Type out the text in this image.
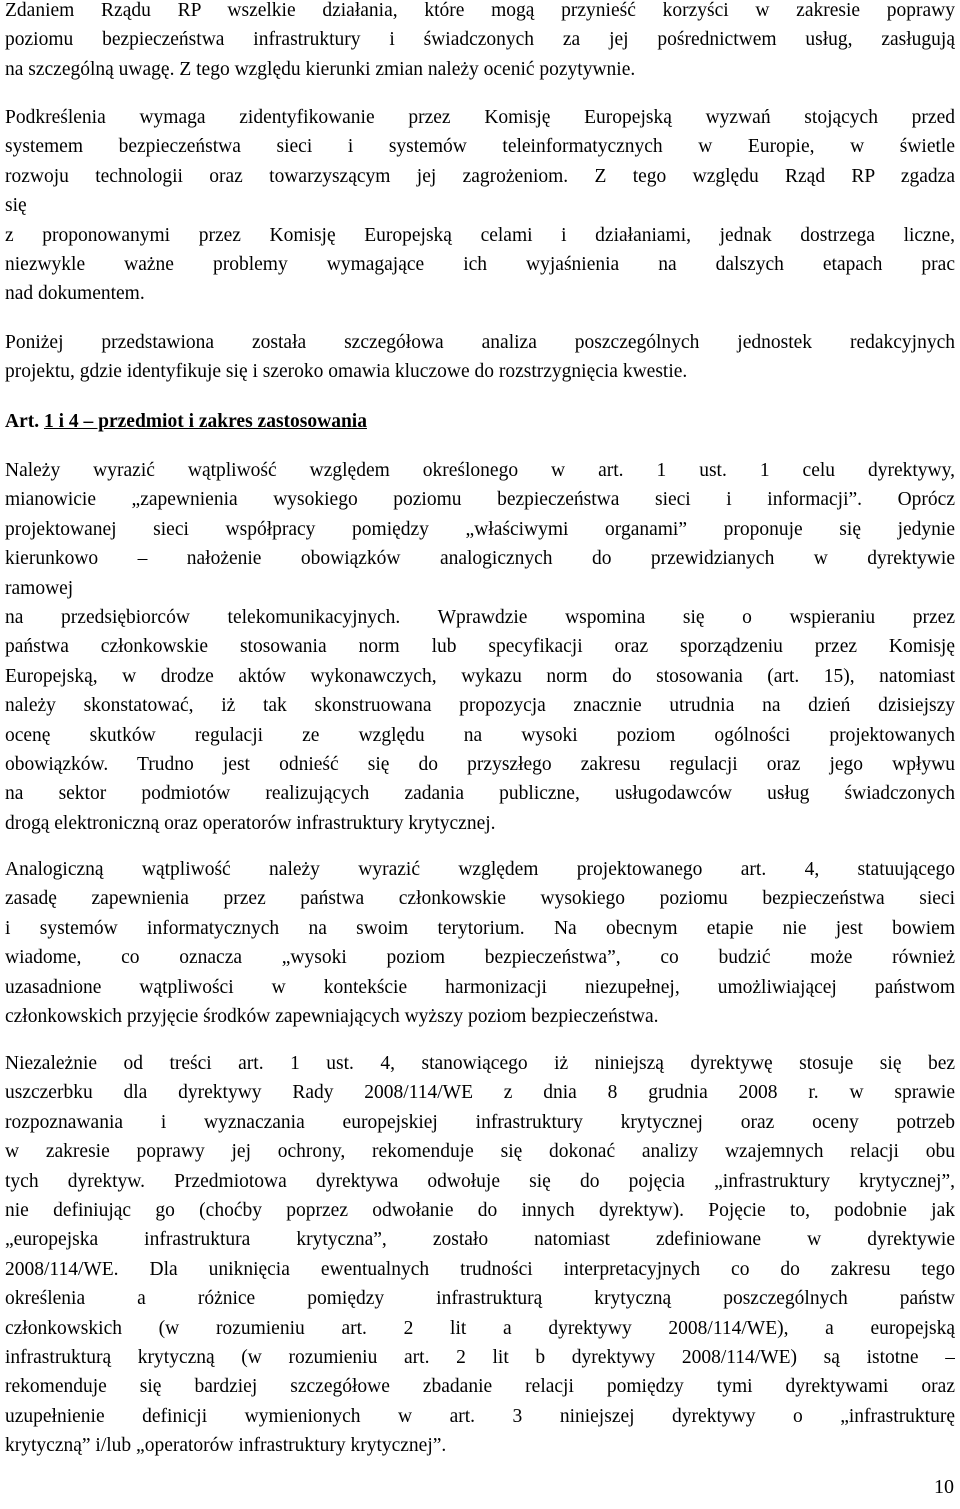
Zdaniem Rządu RP wszelkie działania, które mogą przynieść korzyści w zakresie poprawy
poziomu bezpieczeństwa infrastruktury i świadczonych za jej pośrednictwem usług, zasługują
na szczególną uwagę. Z tego względu kierunki zmian należy ocenić pozytywnie.
Podkreślenia wymaga zidentyfikowanie przez Komisję Europejską wyzwań stojących przed
systemem bezpieczeństwa sieci i systemów teleinformatycznych w Europie, w świetle
rozwoju technologii oraz towarzyszącym jej zagrożeniom. Z tego względu Rząd RP zgadza
się
z proponowanymi przez Komisję Europejską celami i działaniami, jednak dostrzega liczne,
niezwykle ważne problemy wymagające ich wyjaśnienia na dalszych etapach prac
nad dokumentem.
Poniżej przedstawiona została szczegółowa analiza poszczególnych jednostek redakcyjnych
projektu, gdzie identyfikuje się i szeroko omawia kluczowe do rozstrzygnięcia kwestie.
Art. 1 i 4 – przedmiot i zakres zastosowania
Należy wyrazić wątpliwość względem określonego w art. 1 ust. 1 celu dyrektywy,
mianowicie „zapewnienia wysokiego poziomu bezpieczeństwa sieci i informacji”. Oprócz
projektowanej sieci współpracy pomiędzy „właściwymi organami” proponuje się jedynie
kierunkowo – nałożenie obowiązków analogicznych do przewidzianych w dyrektywie
ramowej
na przedsiębiorców telekomunikacyjnych. Wprawdzie wspomina się o wspieraniu przez
państwa członkowskie stosowania norm lub specyfikacji oraz sporządzeniu przez Komisję
Europejską, w drodze aktów wykonawczych, wykazu norm do stosowania (art. 15), natomiast
należy skonstatować, iż tak skonstruowana propozycja znacznie utrudnia na dzień dzisiejszy
ocenę skutków regulacji ze względu na wysoki poziom ogólności projektowanych
obowiązków. Trudno jest odnieść się do przyszłego zakresu regulacji oraz jego wpływu
na sektor podmiotów realizujących zadania publiczne, usługodawców usług świadczonych
drogą elektroniczną oraz operatorów infrastruktury krytycznej.
Analogiczną wątpliwość należy wyrazić względem projektowanego art. 4, statuującego
zasadę zapewnienia przez państwa członkowskie wysokiego poziomu bezpieczeństwa sieci
i systemów informatycznych na swoim terytorium. Na obecnym etapie nie jest bowiem
wiadome, co oznacza „wysoki poziom bezpieczeństwa”, co budzić może również
uzasadnione wątpliwości w kontekście harmonizacji niezupełnej, umożliwiającej państwom
członkowskich przyjęcie środków zapewniających wyższy poziom bezpieczeństwa.
Niezależnie od treści art. 1 ust. 4, stanowiącego iż niniejszą dyrektywę stosuje się bez
uszczerbku dla dyrektywy Rady 2008/114/WE z dnia 8 grudnia 2008 r. w sprawie
rozpoznawania i wyznaczania europejskiej infrastruktury krytycznej oraz oceny potrzeb
w zakresie poprawy jej ochrony, rekomenduje się dokonać analizy wzajemnych relacji obu
tych dyrektyw. Przedmiotowa dyrektywa odwołuje się do pojęcia „infrastruktury krytycznej”,
nie definiując go (choćby poprzez odwołanie do innych dyrektyw). Pojęcie to, podobnie jak
„europejska infrastruktura krytyczna”, zostało natomiast zdefiniowane w dyrektywie
2008/114/WE. Dla uniknięcia ewentualnych trudności interpretacyjnych co do zakresu tego
określenia a różnice pomiędzy infrastrukturą krytyczną poszczególnych państw
członkowskich (w rozumieniu art. 2 lit a dyrektywy 2008/114/WE), a europejską
infrastrukturą krytyczną (w rozumieniu art. 2 lit b dyrektywy 2008/114/WE) są istotne –
rekomenduje się bardziej szczegółowe zbadanie relacji pomiędzy tymi dyrektywami oraz
uzupełnienie definicji wymienionych w art. 3 niniejszej dyrektywy o „infrastrukturę
krytyczną” i/lub „operatorów infrastruktury krytycznej”.
10
